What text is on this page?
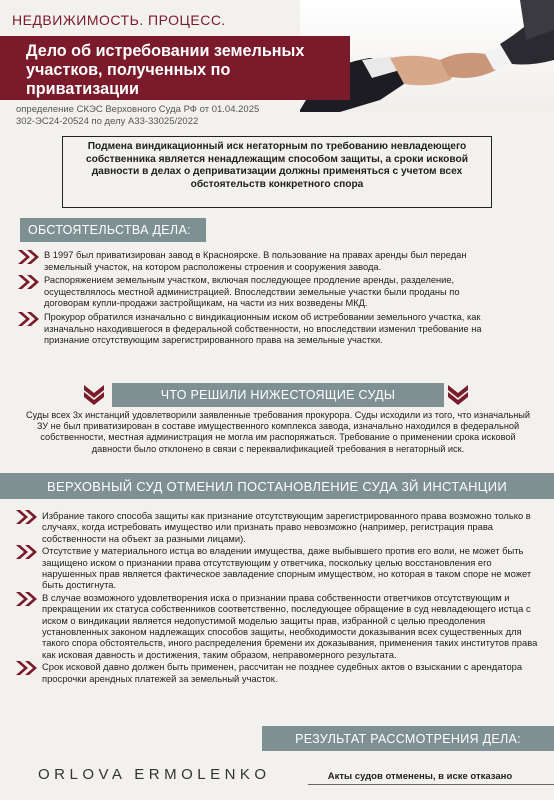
НЕДВИЖИМОСТЬ. ПРОЦЕСС.
Дело об истребовании земельных участков, полученных по приватизации
определение СКЭС Верховного Суда РФ от 01.04.2025
302-ЭС24-20524 по делу А33-33025/2022
Подмена виндикационный иск негаторным по требованию невладеющего собственника является ненадлежащим способом защиты, а сроки исковой давности в делах о деприватизации должны применяться с учетом всех обстоятельств конкретного спора
ОБСТОЯТЕЛЬСТВА ДЕЛА:
В 1997 был приватизирован завод в Красноярске. В пользование на правах аренды был передан земельный участок, на котором расположены строения и сооружения завода.
Распоряжением земельным участком, включая последующее продление аренды, разделение, осуществлялось местной администрацией. Впоследствии земельные участки были проданы по договорам купли-продажи застройщикам, на части из них возведены МКД.
Прокурор обратился изначально с виндикационным иском об истребовании земельного участка, как изначально находившегося в федеральной собственности, но впоследствии изменил требование на признание отсутствующим зарегистрированного права на земельные участки.
ЧТО РЕШИЛИ НИЖЕСТОЯЩИЕ СУДЫ
Суды всех 3х инстанций удовлетворили заявленные требования прокурора. Суды исходили из того, что изначальный ЗУ не был приватизирован в составе имущественного комплекса завода, изначально находился в федеральной собственности, местная администрация не могла им распоряжаться. Требование о применении срока исковой давности было отклонено в связи с переквалификацией требования в негаторный иск.
ВЕРХОВНЫЙ СУД ОТМЕНИЛ ПОСТАНОВЛЕНИЕ СУДА 3Й ИНСТАНЦИИ
Избрание такого способа защиты как признание отсутствующим зарегистрированного права возможно только в случаях, когда истребовать имущество или признать право невозможно (например, регистрация права собственности на объект за разными лицами).
Отсутствие у материального истца во владении имущества, даже выбывшего против его воли, не может быть защищено иском о признании права отсутствующим у ответчика, поскольку целью восстановления его нарушенных прав является фактическое завладение спорным имуществом, но которая в таком споре не может быть достигнута.
В случае возможного удовлетворения иска о признании права собственности ответчиков отсутствующим и прекращении их статуса собственников соответственно, последующее обращение в суд невладеющего истца с иском о виндикации является недопустимой моделью защиты прав, избранной с целью преодоления установленных законом надлежащих способов защиты, необходимости доказывания всех существенных для такого спора обстоятельств, иного распределения бремени их доказывания, применения таких институтов права как исковая давность и достижения, таким образом, неправомерного результата.
Срок исковой давно должен быть применен, рассчитан не позднее судебных актов о взыскании с арендатора просрочки арендных платежей за земельный участок.
РЕЗУЛЬТАТ РАССМОТРЕНИЯ ДЕЛА:
ORLOVA ERMOLENKO	Акты судов отменены, в иске отказано
